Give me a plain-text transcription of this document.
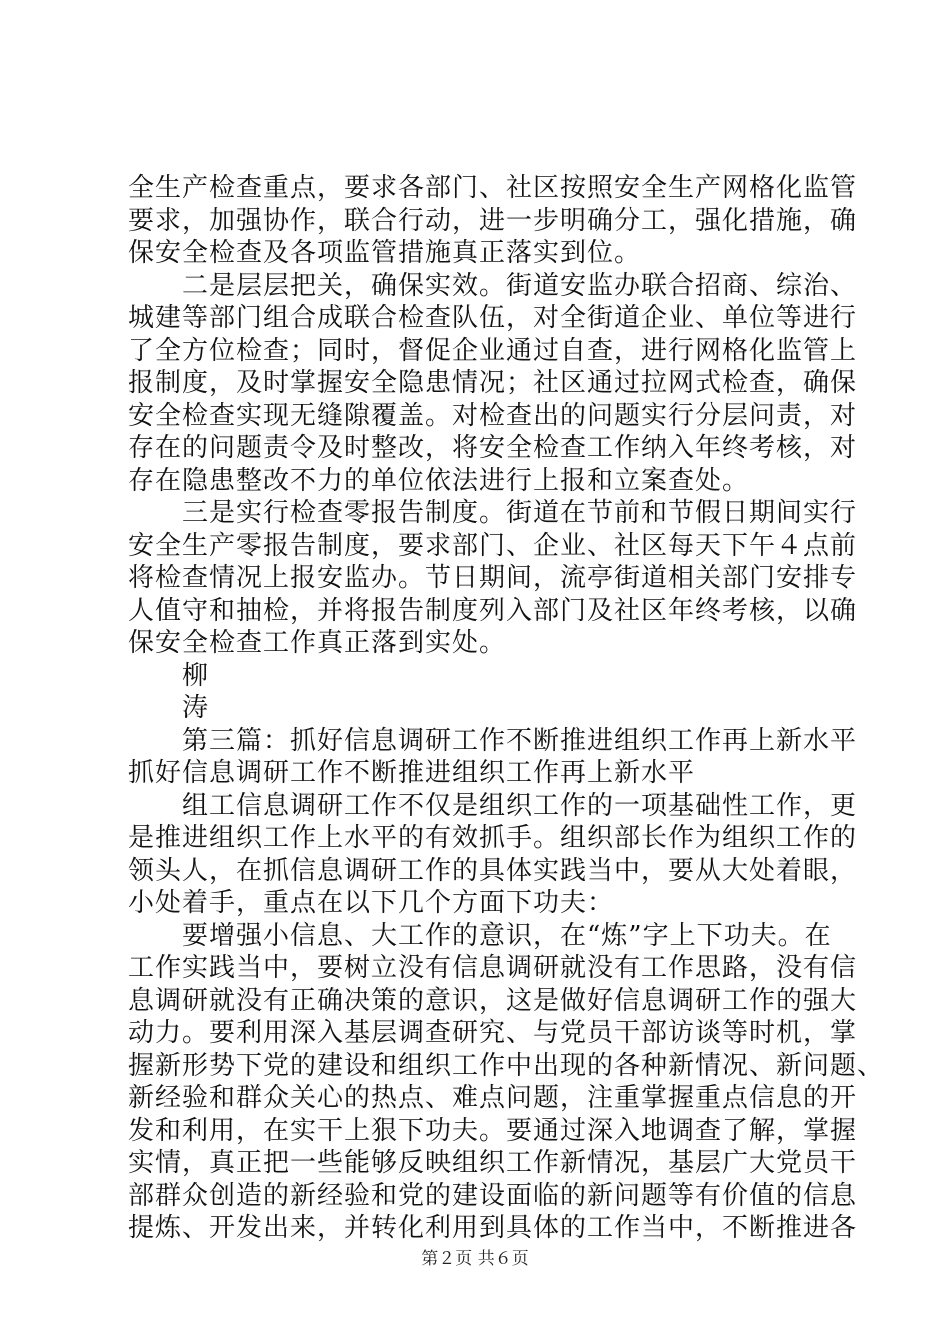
全生产检查重点，要求各部门、社区按照安全生产网格化监管
要求，加强协作，联合行动，进一步明确分工，强化措施，确
保安全检查及各项监管措施真正落实到位。
二是层层把关，确保实效。街道安监办联合招商、综治、
城建等部门组合成联合检查队伍，对全街道企业、单位等进行
了全方位检查；同时，督促企业通过自查，进行网格化监管上
报制度，及时掌握安全隐患情况；社区通过拉网式检查，确保
安全检查实现无缝隙覆盖。对检查出的问题实行分层问责，对
存在的问题责令及时整改，将安全检查工作纳入年终考核，对
存在隐患整改不力的单位依法进行上报和立案查处。
三是实行检查零报告制度。街道在节前和节假日期间实行
安全生产零报告制度，要求部门、企业、社区每天下午４点前
将检查情况上报安监办。节日期间，流亭街道相关部门安排专
人值守和抽检，并将报告制度列入部门及社区年终考核，以确
保安全检查工作真正落到实处。
柳
涛
第三篇：抓好信息调研工作不断推进组织工作再上新水平
抓好信息调研工作不断推进组织工作再上新水平
组工信息调研工作不仅是组织工作的一项基础性工作，更
是推进组织工作上水平的有效抓手。组织部长作为组织工作的
领头人，在抓信息调研工作的具体实践当中，要从大处着眼，
小处着手，重点在以下几个方面下功夫：
要增强小信息、大工作的意识，在“炼”字上下功夫。在
工作实践当中，要树立没有信息调研就没有工作思路，没有信
息调研就没有正确决策的意识，这是做好信息调研工作的强大
动力。要利用深入基层调查研究、与党员干部访谈等时机，掌
握新形势下党的建设和组织工作中出现的各种新情况、新问题、
新经验和群众关心的热点、难点问题，注重掌握重点信息的开
发和利用，在实干上狠下功夫。要通过深入地调查了解，掌握
实情，真正把一些能够反映组织工作新情况，基层广大党员干
部群众创造的新经验和党的建设面临的新问题等有价值的信息
提炼、开发出来，并转化利用到具体的工作当中，不断推进各
第２页 共６页
